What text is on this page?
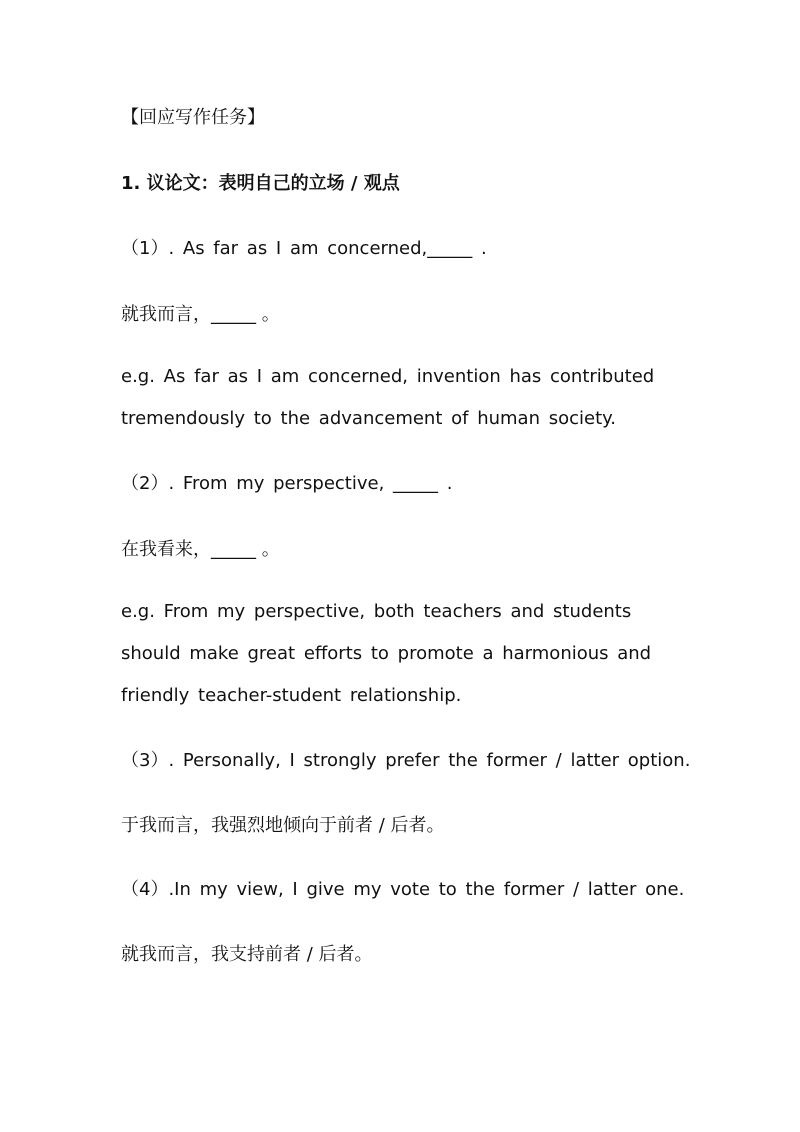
【回应写作任务】
1. 议论文：表明自己的立场 / 观点
（1）. As far as I am concerned,_____ .
就我而言，_____ 。
e.g. As far as I am concerned, invention has contributed
tremendously to the advancement of human society.
（2）. From my perspective, _____ .
在我看来，_____ 。
e.g. From my perspective, both teachers and students
should make great efforts to promote a harmonious and
friendly teacher-student relationship.
（3）. Personally, I strongly prefer the former / latter option.
于我而言，我强烈地倾向于前者 / 后者。
（4）.In my view, I give my vote to the former / latter one.
就我而言，我支持前者 / 后者。
